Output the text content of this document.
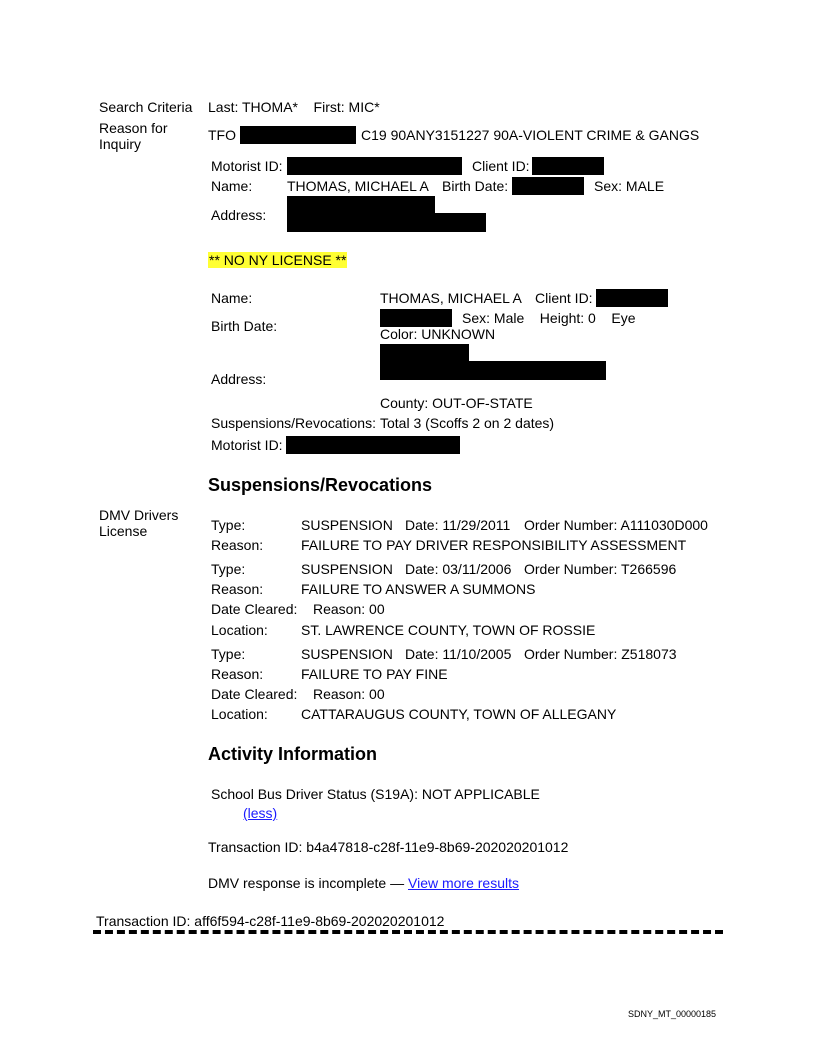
Search Criteria Last: THOMA*    First: MIC*
Reason for
Inquiry
TFO	C19 90ANY3151227 90A-VIOLENT CRIME & GANGS
Motorist ID:	Client ID:
Name: THOMAS, MICHAEL A Birth Date:	Sex: MALE
Address:
** NO NY LICENSE **
Name:	THOMAS, MICHAEL A Client ID:
Birth Date:	Sex: Male    Height: 0    Eye
Color: UNKNOWN
Address:
County: OUT-OF-STATE
Suspensions/Revocations: Total 3 (Scoffs 2 on 2 dates)
Motorist ID:
Suspensions/Revocations
DMV Drivers
License	Type:	SUSPENSION Date: 11/29/2011 Order Number: A111030D000
Reason:	FAILURE TO PAY DRIVER RESPONSIBILITY ASSESSMENT
Type:	SUSPENSION Date: 03/11/2006 Order Number: T266596
Reason:	FAILURE TO ANSWER A SUMMONS
Date Cleared: Reason: 00
Location: ST. LAWRENCE COUNTY, TOWN OF ROSSIE
Type:	SUSPENSION Date: 11/10/2005 Order Number: Z518073
Reason:	FAILURE TO PAY FINE
Date Cleared: Reason: 00
Location: CATTARAUGUS COUNTY, TOWN OF ALLEGANY
Activity Information
School Bus Driver Status (S19A): NOT APPLICABLE
(less)
Transaction ID: b4a47818-c28f-11e9-8b69-202020201012
DMV response is incomplete — View more results
Transaction ID: aff6f594-c28f-11e9-8b69-202020201012
SDNY_MT_00000185
